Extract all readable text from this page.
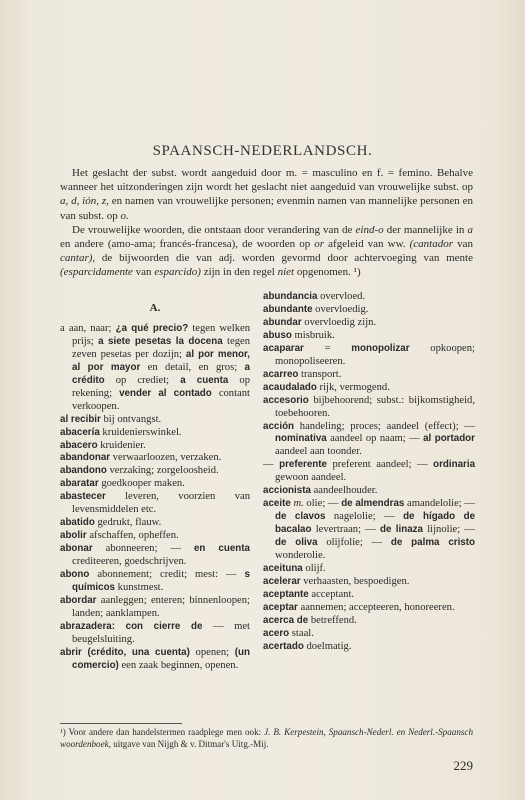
SPAANSCH-NEDERLANDSCH.

Het geslacht der subst. wordt aangeduid door m. = masculino en f. = femino. Behalve wanneer het uitzonderingen zijn wordt het geslacht niet aangeduid van vrouwelijke subst. op a, d, ión, z, en namen van vrouwelijke personen; evenmin namen van mannelijke personen en van subst. op o.

De vrouwelijke woorden, die ontstaan door verandering van de eind-o der mannelijke in a en andere (amo-ama; francés-francesa), de woorden op or afgeleid van ww. (cantador van cantar), de bijwoorden die van adj. worden gevormd door achtervoeging van mente (esparcidamente van esparcido) zijn in den regel niet opgenomen. ¹)

A.

a aan, naar; ¿a qué precio? tegen welken prijs; a siete pesetas la docena tegen zeven pesetas per dozijn; al por menor, al por mayor en detail, en gros; a crédito op crediet; a cuenta op rekening; vender al contado contant verkoopen.

al recibir bij ontvangst.

abacería kruidenierswinkel.

abacero kruidenier.

abandonar verwaarloozen, verzaken.

abandono verzaking; zorgeloosheid.

abaratar goedkooper maken.

abastecer leveren, voorzien van levensmiddelen etc.

abatido gedrukt, flauw.

abolir afschaffen, opheffen.

abonar abonneeren; — en cuenta crediteeren, goedschrijven.

abono abonnement; credit; mest: — s químicos kunstmest.

abordar aanleggen; enteren; binnenloopen; landen; aanklampen.

abrazadera: con cierre de — met beugelsluiting.

abrir (crédito, una cuenta) openen; (un comercio) een zaak beginnen, openen.

abundancia overvloed.

abundante overvloedig.

abundar overvloedig zijn.

abuso misbruik.

acaparar = monopolizar opkoopen; monopoliseeren.

acarreo transport.

acaudalado rijk, vermogend.

accesorio bijbehoorend; subst.: bijkomstigheid, toebehooren.

acción handeling; proces; aandeel (effect); — nominativa aandeel op naam; — al portador aandeel aan toonder.

— preferente preferent aandeel; — ordinaria gewoon aandeel.

accionista aandeelhouder.

aceite m. olie; — de almendras amandelolie; — de clavos nagelolie; — de hígado de bacalao levertraan; — de linaza lijnolie; — de oliva olijfolie; — de palma cristo wonderolie.

aceituna olijf.

acelerar verhaasten, bespoedigen.

aceptante acceptant.

aceptar aannemen; accepteeren, honoreeren.

acerca de betreffend.

acero staal.

acertado doelmatig.

¹) Voor andere dan handelstermen raadplege men ook: J. B. Kerpestein, Spaansch-Nederl. en Nederl.-Spaansch woordenboek, uitgave van Nijgh & v. Ditmar's Uitg.-Mij.
229
